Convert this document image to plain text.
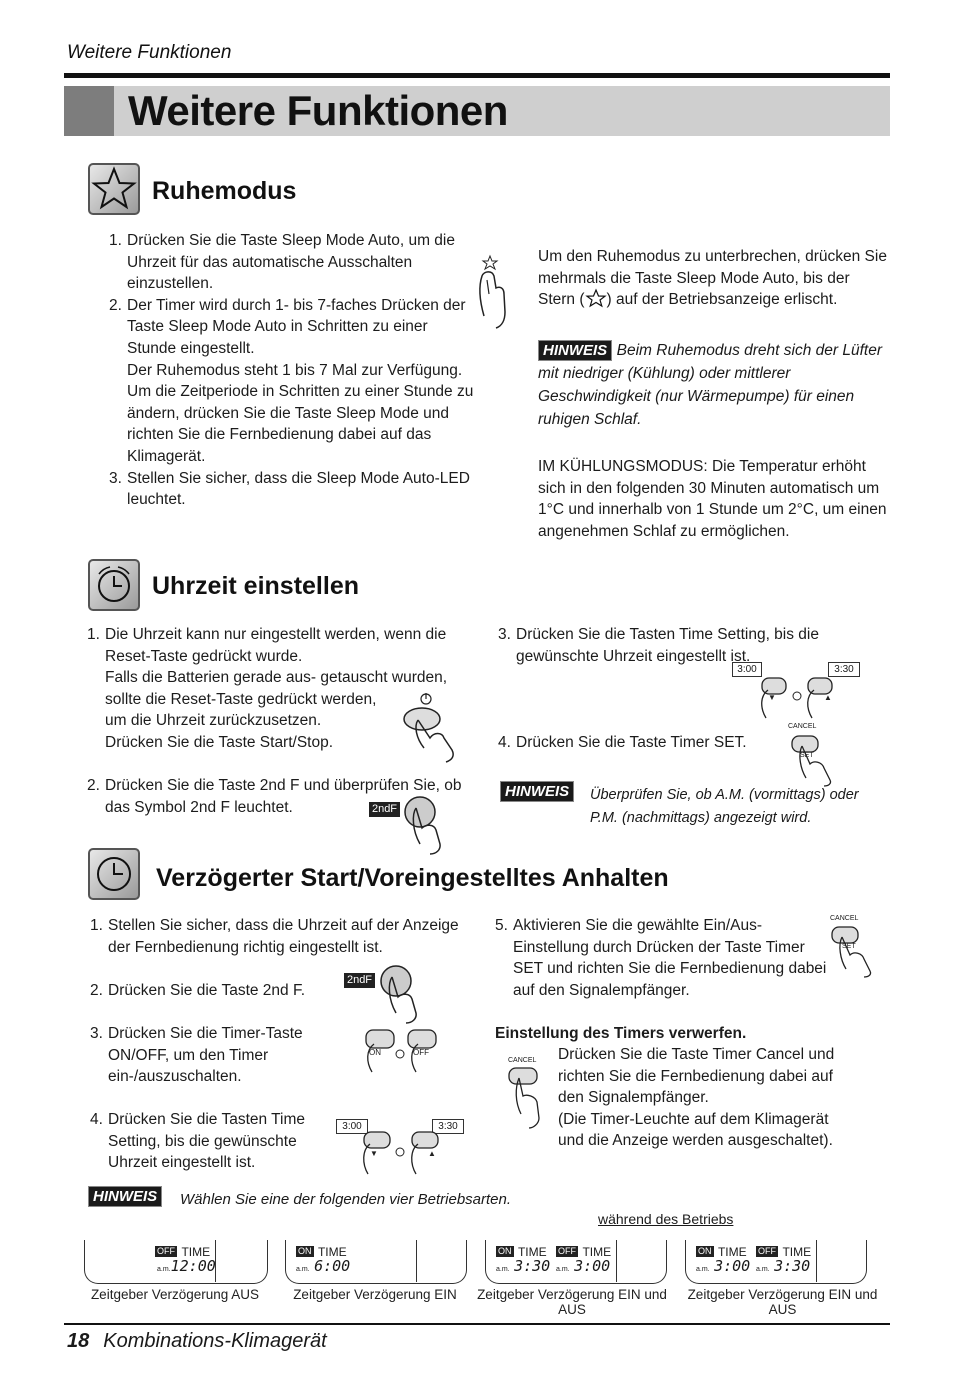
Weitere Funktionen
Weitere Funktionen
Ruhemodus
1. Drücken Sie die Taste Sleep Mode Auto, um die Uhrzeit für das automatische Ausschalten einzustellen.
2. Der Timer wird durch 1- bis 7-faches Drücken der Taste Sleep Mode Auto in Schritten zu einer Stunde eingestellt.
Der Ruhemodus steht 1 bis 7 Mal zur Verfügung. Um die Zeitperiode in Schritten zu einer Stunde zu ändern, drücken Sie die Taste Sleep Mode und richten Sie die Fernbedienung dabei auf das Klimagerät.
3. Stellen Sie sicher, dass die Sleep Mode Auto-LED leuchtet.
Um den Ruhemodus zu unterbrechen, drücken Sie mehrmals die Taste Sleep Mode Auto, bis der Stern ( ) auf der Betriebsanzeige erlischt.
HINWEIS Beim Ruhemodus dreht sich der Lüfter mit niedriger (Kühlung) oder mittlerer Geschwindigkeit (nur Wärmepumpe) für einen ruhigen Schlaf.
IM KÜHLUNGSMODUS: Die Temperatur erhöht sich in den folgenden 30 Minuten automatisch um 1°C und innerhalb von 1 Stunde um 2°C, um einen angenehmen Schlaf zu ermöglichen.
Uhrzeit einstellen
1. Die Uhrzeit kann nur eingestellt werden, wenn die Reset-Taste gedrückt wurde.
Falls die Batterien gerade aus- getauscht wurden, sollte die Reset-Taste gedrückt werden,
um die Uhrzeit zurückzusetzen.
Drücken Sie die Taste Start/Stop.
2. Drücken Sie die Taste 2nd F und überprüfen Sie, ob das Symbol 2nd F leuchtet.	2ndF
3. Drücken Sie die Tasten Time Setting, bis die gewünschte Uhrzeit eingestellt ist.
3:00	3:30
▼	▲
4. Drücken Sie die Taste Timer SET.
CANCEL
SET
HINWEIS	Überprüfen Sie, ob A.M. (vormittags) oder P.M. (nachmittags) angezeigt wird.
Verzögerter Start/Voreingestelltes Anhalten
1. Stellen Sie sicher, dass die Uhrzeit auf der Anzeige der Fernbedienung richtig eingestellt ist.
2. Drücken Sie die Taste 2nd F.
2ndF
3. Drücken Sie die Timer-Taste ON/OFF, um den Timer ein-/auszuschalten.
ON	OFF
4. Drücken Sie die Tasten Time Setting, bis die gewünschte Uhrzeit eingestellt ist.
3:00	3:30
▼	▲
5. Aktivieren Sie die gewählte Ein/Aus-Einstellung durch Drücken der Taste Timer SET und richten Sie die Fernbedienung dabei auf den Signalempfänger.
CANCEL
SET
Einstellung des Timers verwerfen.
CANCEL Drücken Sie die Taste Timer Cancel und richten Sie die Fernbedienung dabei auf den Signalempfänger.
(Die Timer-Leuchte auf dem Klimagerät und die Anzeige werden ausgeschaltet).
HINWEIS	Wählen Sie eine der folgenden vier Betriebsarten.
während des Betriebs
OFF TIME
a.m.12:00
ON TIME
a.m. 6:00
ON TIME
a.m. 3:30
OFF TIME
a.m. 3:00
ON TIME
a.m. 3:00
OFF TIME
a.m. 3:30
Zeitgeber Verzögerung AUS	Zeitgeber Verzögerung EIN	Zeitgeber Verzögerung EIN und AUS
Zeitgeber Verzögerung EIN und AUS
18 Kombinations-Klimagerät
